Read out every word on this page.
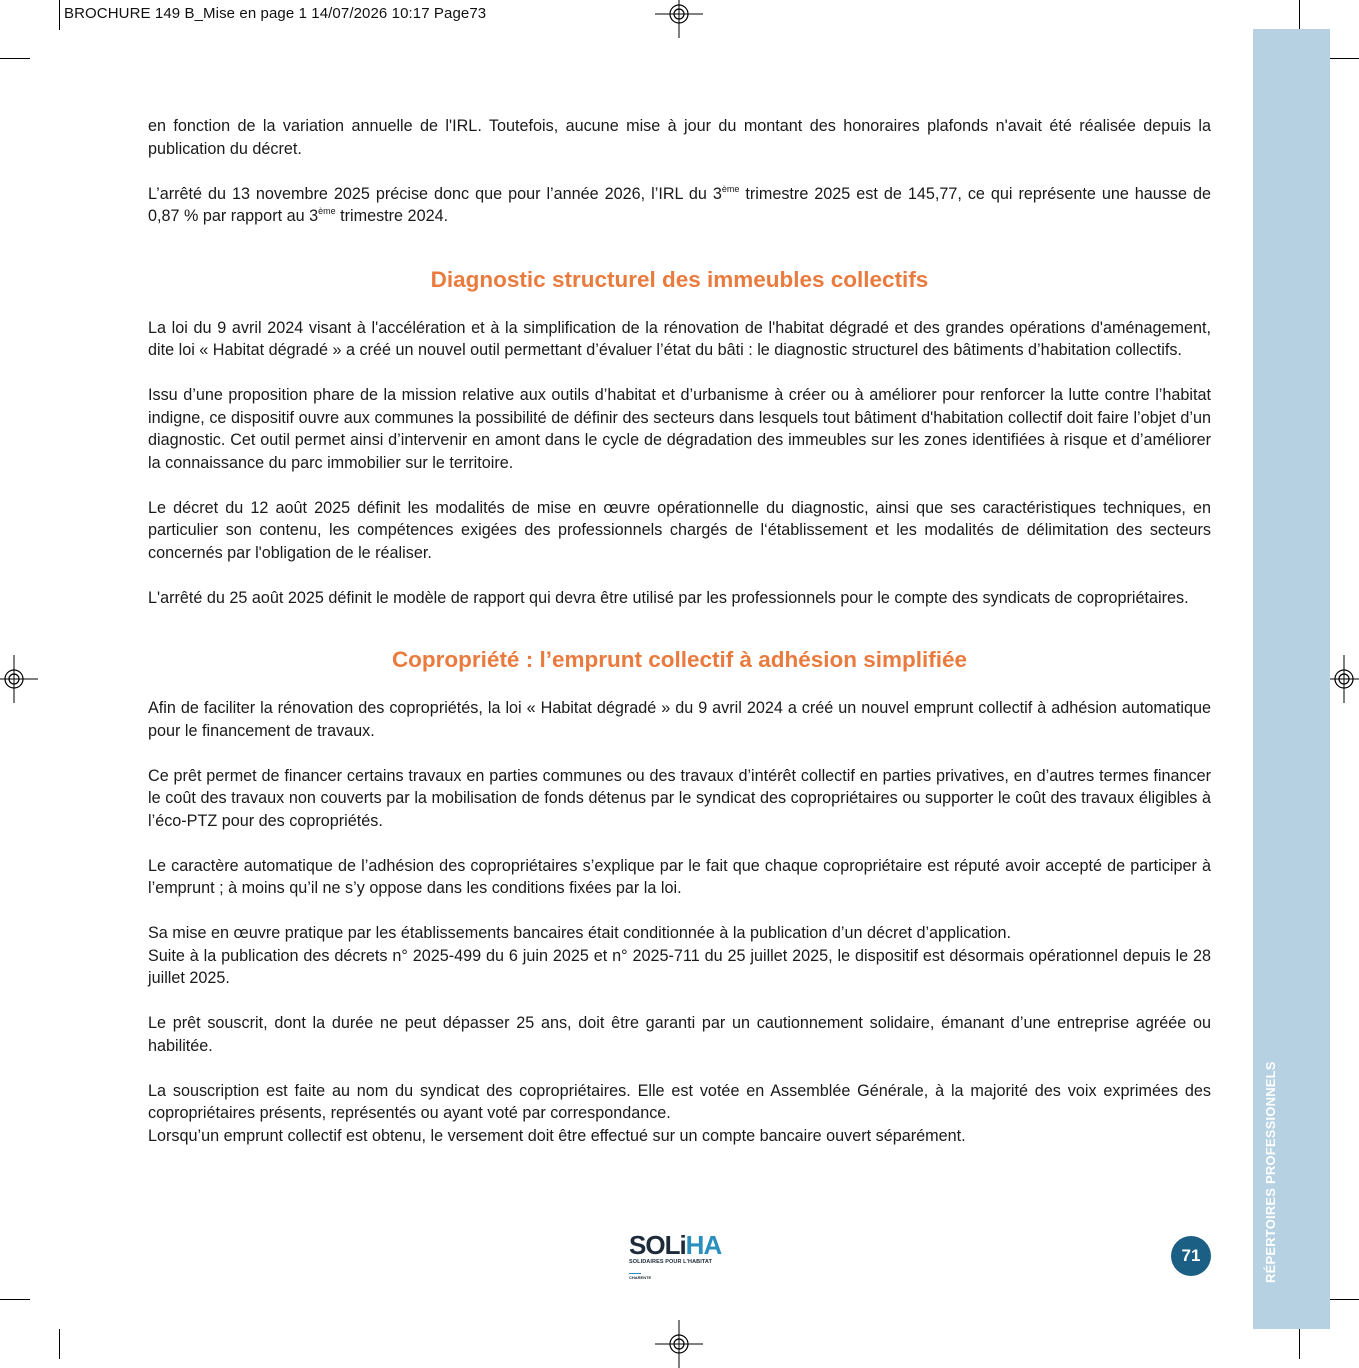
BROCHURE 149 B_Mise en page 1 14/07/2026 10:17 Page73
RÉPERTOIRES PROFESSIONNELS

en fonction de la variation annuelle de l'IRL. Toutefois, aucune mise à jour du montant des honoraires plafonds n'avait été réalisée depuis la publication du décret.

L’arrêté du 13 novembre 2025 précise donc que pour l’année 2026, l’IRL du 3ème trimestre 2025 est de 145,77, ce qui représente une hausse de 0,87 % par rapport au 3ème trimestre 2024.

Diagnostic structurel des immeubles collectifs

La loi du 9 avril 2024 visant à l'accélération et à la simplification de la rénovation de l'habitat dégradé et des grandes opérations d'aménagement, dite loi « Habitat dégradé » a créé un nouvel outil permettant d’évaluer l’état du bâti : le diagnostic structurel des bâtiments d’habitation collectifs.

Issu d’une proposition phare de la mission relative aux outils d’habitat et d’urbanisme à créer ou à améliorer pour renforcer la lutte contre l’habitat indigne, ce dispositif ouvre aux communes la possibilité de définir des secteurs dans lesquels tout bâtiment d'habitation collectif doit faire l’objet d’un diagnostic. Cet outil permet ainsi d’intervenir en amont dans le cycle de dégradation des immeubles sur les zones identifiées à risque et d’améliorer la connaissance du parc immobilier sur le territoire.

Le décret du 12 août 2025 définit les modalités de mise en œuvre opérationnelle du diagnostic, ainsi que ses caractéristiques techniques, en particulier son contenu, les compétences exigées des professionnels chargés de l‘établissement et les modalités de délimitation des secteurs concernés par l'obligation de le réaliser.

L'arrêté du 25 août 2025 définit le modèle de rapport qui devra être utilisé par les professionnels pour le compte des syndicats de copropriétaires.

Copropriété : l’emprunt collectif à adhésion simplifiée

Afin de faciliter la rénovation des copropriétés, la loi « Habitat dégradé » du 9 avril 2024 a créé un nouvel emprunt collectif à adhésion automatique pour le financement de travaux.

Ce prêt permet de financer certains travaux en parties communes ou des travaux d’intérêt collectif en parties privatives, en d’autres termes financer le coût des travaux non couverts par la mobilisation de fonds détenus par le syndicat des copropriétaires ou supporter le coût des travaux éligibles à l’éco-PTZ pour des copropriétés.

Le caractère automatique de l’adhésion des copropriétaires s’explique par le fait que chaque copropriétaire est réputé avoir accepté de participer à l’emprunt ; à moins qu’il ne s’y oppose dans les conditions fixées par la loi.

Sa mise en œuvre pratique par les établissements bancaires était conditionnée à la publication d’un décret d’application.

Suite à la publication des décrets n° 2025-499 du 6 juin 2025 et n° 2025-711 du 25 juillet 2025, le dispositif est désormais opérationnel depuis le 28 juillet 2025.

Le prêt souscrit, dont la durée ne peut dépasser 25 ans, doit être garanti par un cautionnement solidaire, émanant d’une entreprise agréée ou habilitée.

La souscription est faite au nom du syndicat des copropriétaires. Elle est votée en Assemblée Générale, à la majorité des voix exprimées des copropriétaires présents, représentés ou ayant voté par correspondance.

Lorsqu’un emprunt collectif est obtenu, le versement doit être effectué sur un compte bancaire ouvert séparément.

SOLiHA
SOLIDAIRES POUR L'HABITAT
CHARENTE
71
